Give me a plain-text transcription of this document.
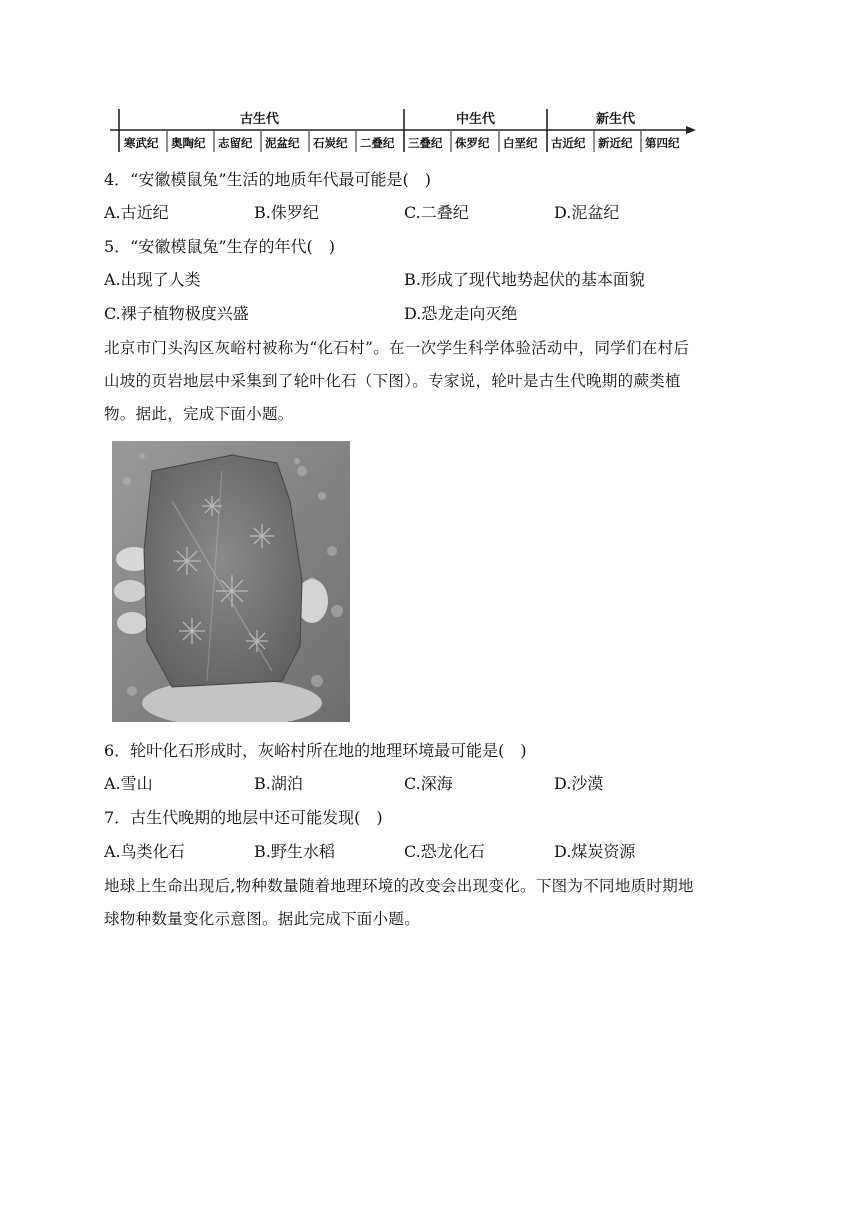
古生代	中生代	新生代
寒武纪 奥陶纪 志留纪 泥盆纪 石炭纪 二叠纪 三叠纪 侏罗纪 白垩纪 古近纪 新近纪 第四纪
4．“安徽模鼠兔”生活的地质年代最可能是(　)
A.古近纪	B.侏罗纪	C.二叠纪	D.泥盆纪
5．“安徽模鼠兔”生存的年代(　)
A.出现了人类	B.形成了现代地势起伏的基本面貌
C.裸子植物极度兴盛	D.恐龙走向灭绝
北京市门头沟区灰峪村被称为“化石村”。在一次学生科学体验活动中，同学们在村后
山坡的页岩地层中采集到了轮叶化石（下图）。专家说，轮叶是古生代晚期的蕨类植
物。据此，完成下面小题。
6．轮叶化石形成时，灰峪村所在地的地理环境最可能是(　)
A.雪山	B.湖泊	C.深海	D.沙漠
7．古生代晚期的地层中还可能发现(　)
A.鸟类化石	B.野生水稻	C.恐龙化石	D.煤炭资源
地球上生命出现后,物种数量随着地理环境的改变会出现变化。下图为不同地质时期地
球物种数量变化示意图。据此完成下面小题。
